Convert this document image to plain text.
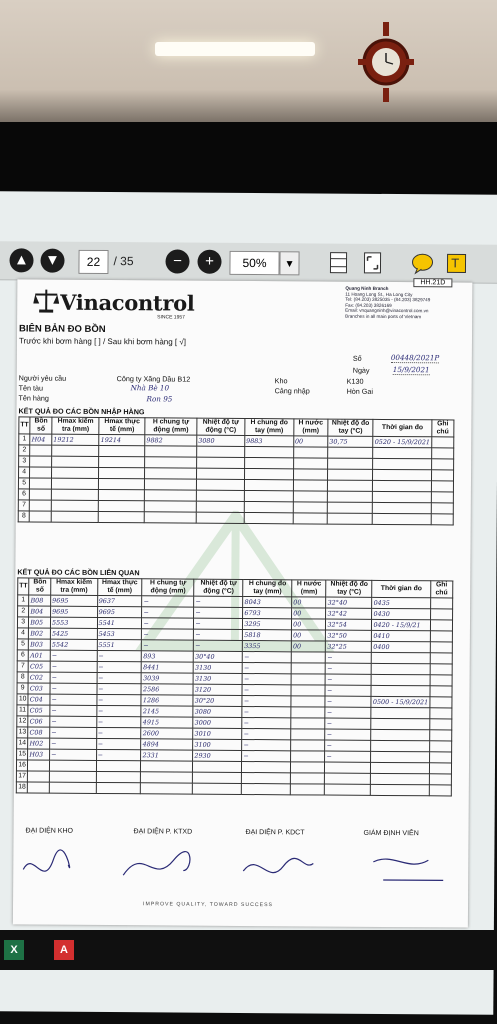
▲	▼	22	/ 35	−	+	50%	▾	T
HH.21D
Vinacontrol
SINCE 1957
Quang Ninh Branch
11 Hoang Long St., Ha Long City
Tel: (84.203) 3825035 - (84.203) 3829749
Fax: (84.203) 3826169
Email: vnquangninh@vinacontrol.com.vn
Branches in all main ports of Vietnam
BIÊN BẢN ĐO BỒN
Trước khi bơm hàng [ ] / Sau khi bơm hàng [ √]
Số	00448/2021P
Ngày	15/9/2021
Người yêu cầu	Công ty Xăng Dầu B12
Tên tàu	Nhà Bè 10
Tên hàng	Ron 95
Kho	K130
Cảng nhập	Hòn Gai
KẾT QUẢ ĐO CÁC BỒN NHẬP HÀNG
TT	Bồn số	Hmax kiểm tra (mm)	Hmax thực tế (mm)	H chung tự động (mm)	Nhiệt độ tự động (°C)	H chung đo tay (mm)	H nước (mm)	Nhiệt độ đo tay (°C)	Thời gian đo	Ghi chú
1	H04	19212	19214	9882	3080	9883	00	30,75	0520 - 15/9/2021	
2										
3										
4										
5										
6										
7										
8										
KẾT QUẢ ĐO CÁC BỒN LIÊN QUAN
TT	Bồn số	Hmax kiểm tra (mm)	Hmax thực tế (mm)	H chung tự động (mm)	Nhiệt độ tự động (°C)	H chung đo tay (mm)	H nước (mm)	Nhiệt độ đo tay (°C)	Thời gian đo	Ghi chú
1	B08	9695	9637	−	−	8043	00	32°40	0435	
2	B04	9695	9695	−	−	6793	00	32°42	0430	
3	B05	5553	5541	−	−	3295	00	32°54	0420 - 15/9/21	
4	B02	5425	5453	−	−	5818	00	32°50	0410	
5	B03	5542	5551	−	−	3355	00	32°25	0400	
6	A01	−	−	893	30°40	−		−		
7	C05	−	−	8441	3130	−		−		
8	C02	−	−	3039	3130	−		−		
9	C03	−	−	2586	3120	−		−		
10	C04	−	−	1286	30°20	−		−	0500 - 15/9/2021	
11	C05	−	−	2145	3080	−		−		
12	C06	−	−	4915	3000	−		−		
13	C08	−	−	2600	3010	−		−		
14	H02	−	−	4894	3100	−		−		
15	H03	−	−	2331	2930	−		−		
16										
17										
18										
ĐẠI DIỆN KHO	ĐẠI DIỆN P. KTXD	ĐẠI DIỆN P. KDCT	GIÁM ĐỊNH VIÊN
IMPROVE QUALITY, TOWARD SUCCESS
X	A
